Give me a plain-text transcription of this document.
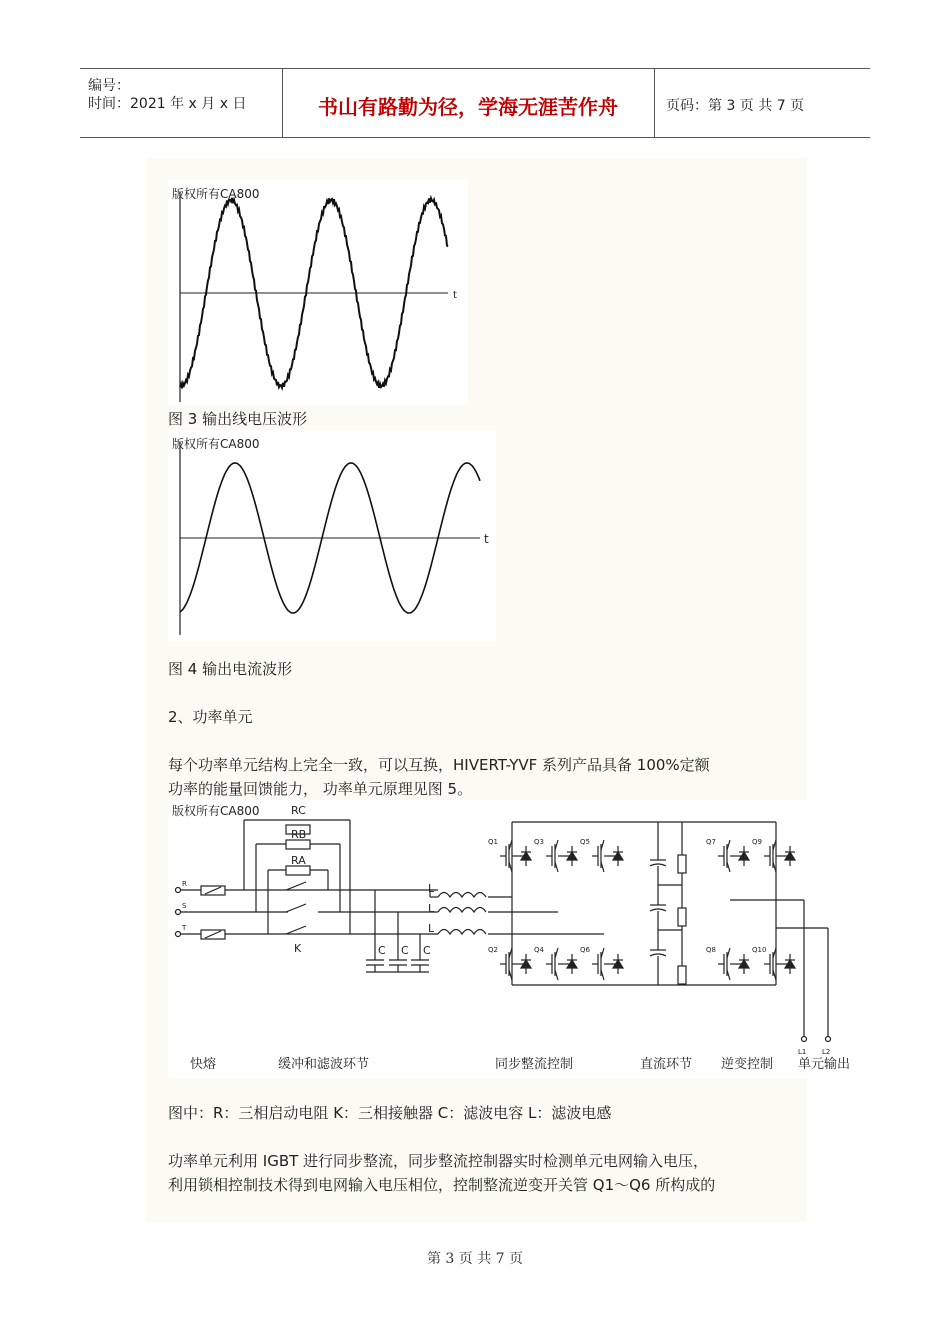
编号：
时间：2021 年 x 月 x 日	书山有路勤为径，学海无涯苦作舟	页码：第 3 页 共 7 页
版权所有CA800
t
图 3 输出线电压波形
版权所有CA800
t
图 4 输出电流波形
2、功率单元
每个功率单元结构上完全一致，可以互换，HIVERT-YVF 系列产品具备 100%定额
功率的能量回馈能力， 功率单元原理见图 5。
版权所有CA800
R
S
T
RC
RB
RA
K	C C C
L
L
L
Q1	Q3	Q5
Q2	Q4	Q6
Q7	Q9
Q8	Q10
L1 L2
快熔	缓冲和滤波环节	同步整流控制	直流环节 逆变控制 单元输出
图中：R：三相启动电阻 K：三相接触器 C：滤波电容 L：滤波电感
功率单元利用 IGBT 进行同步整流，同步整流控制器实时检测单元电网输入电压，
利用锁相控制技术得到电网输入电压相位，控制整流逆变开关管 Q1～Q6 所构成的
第 3 页 共 7 页
